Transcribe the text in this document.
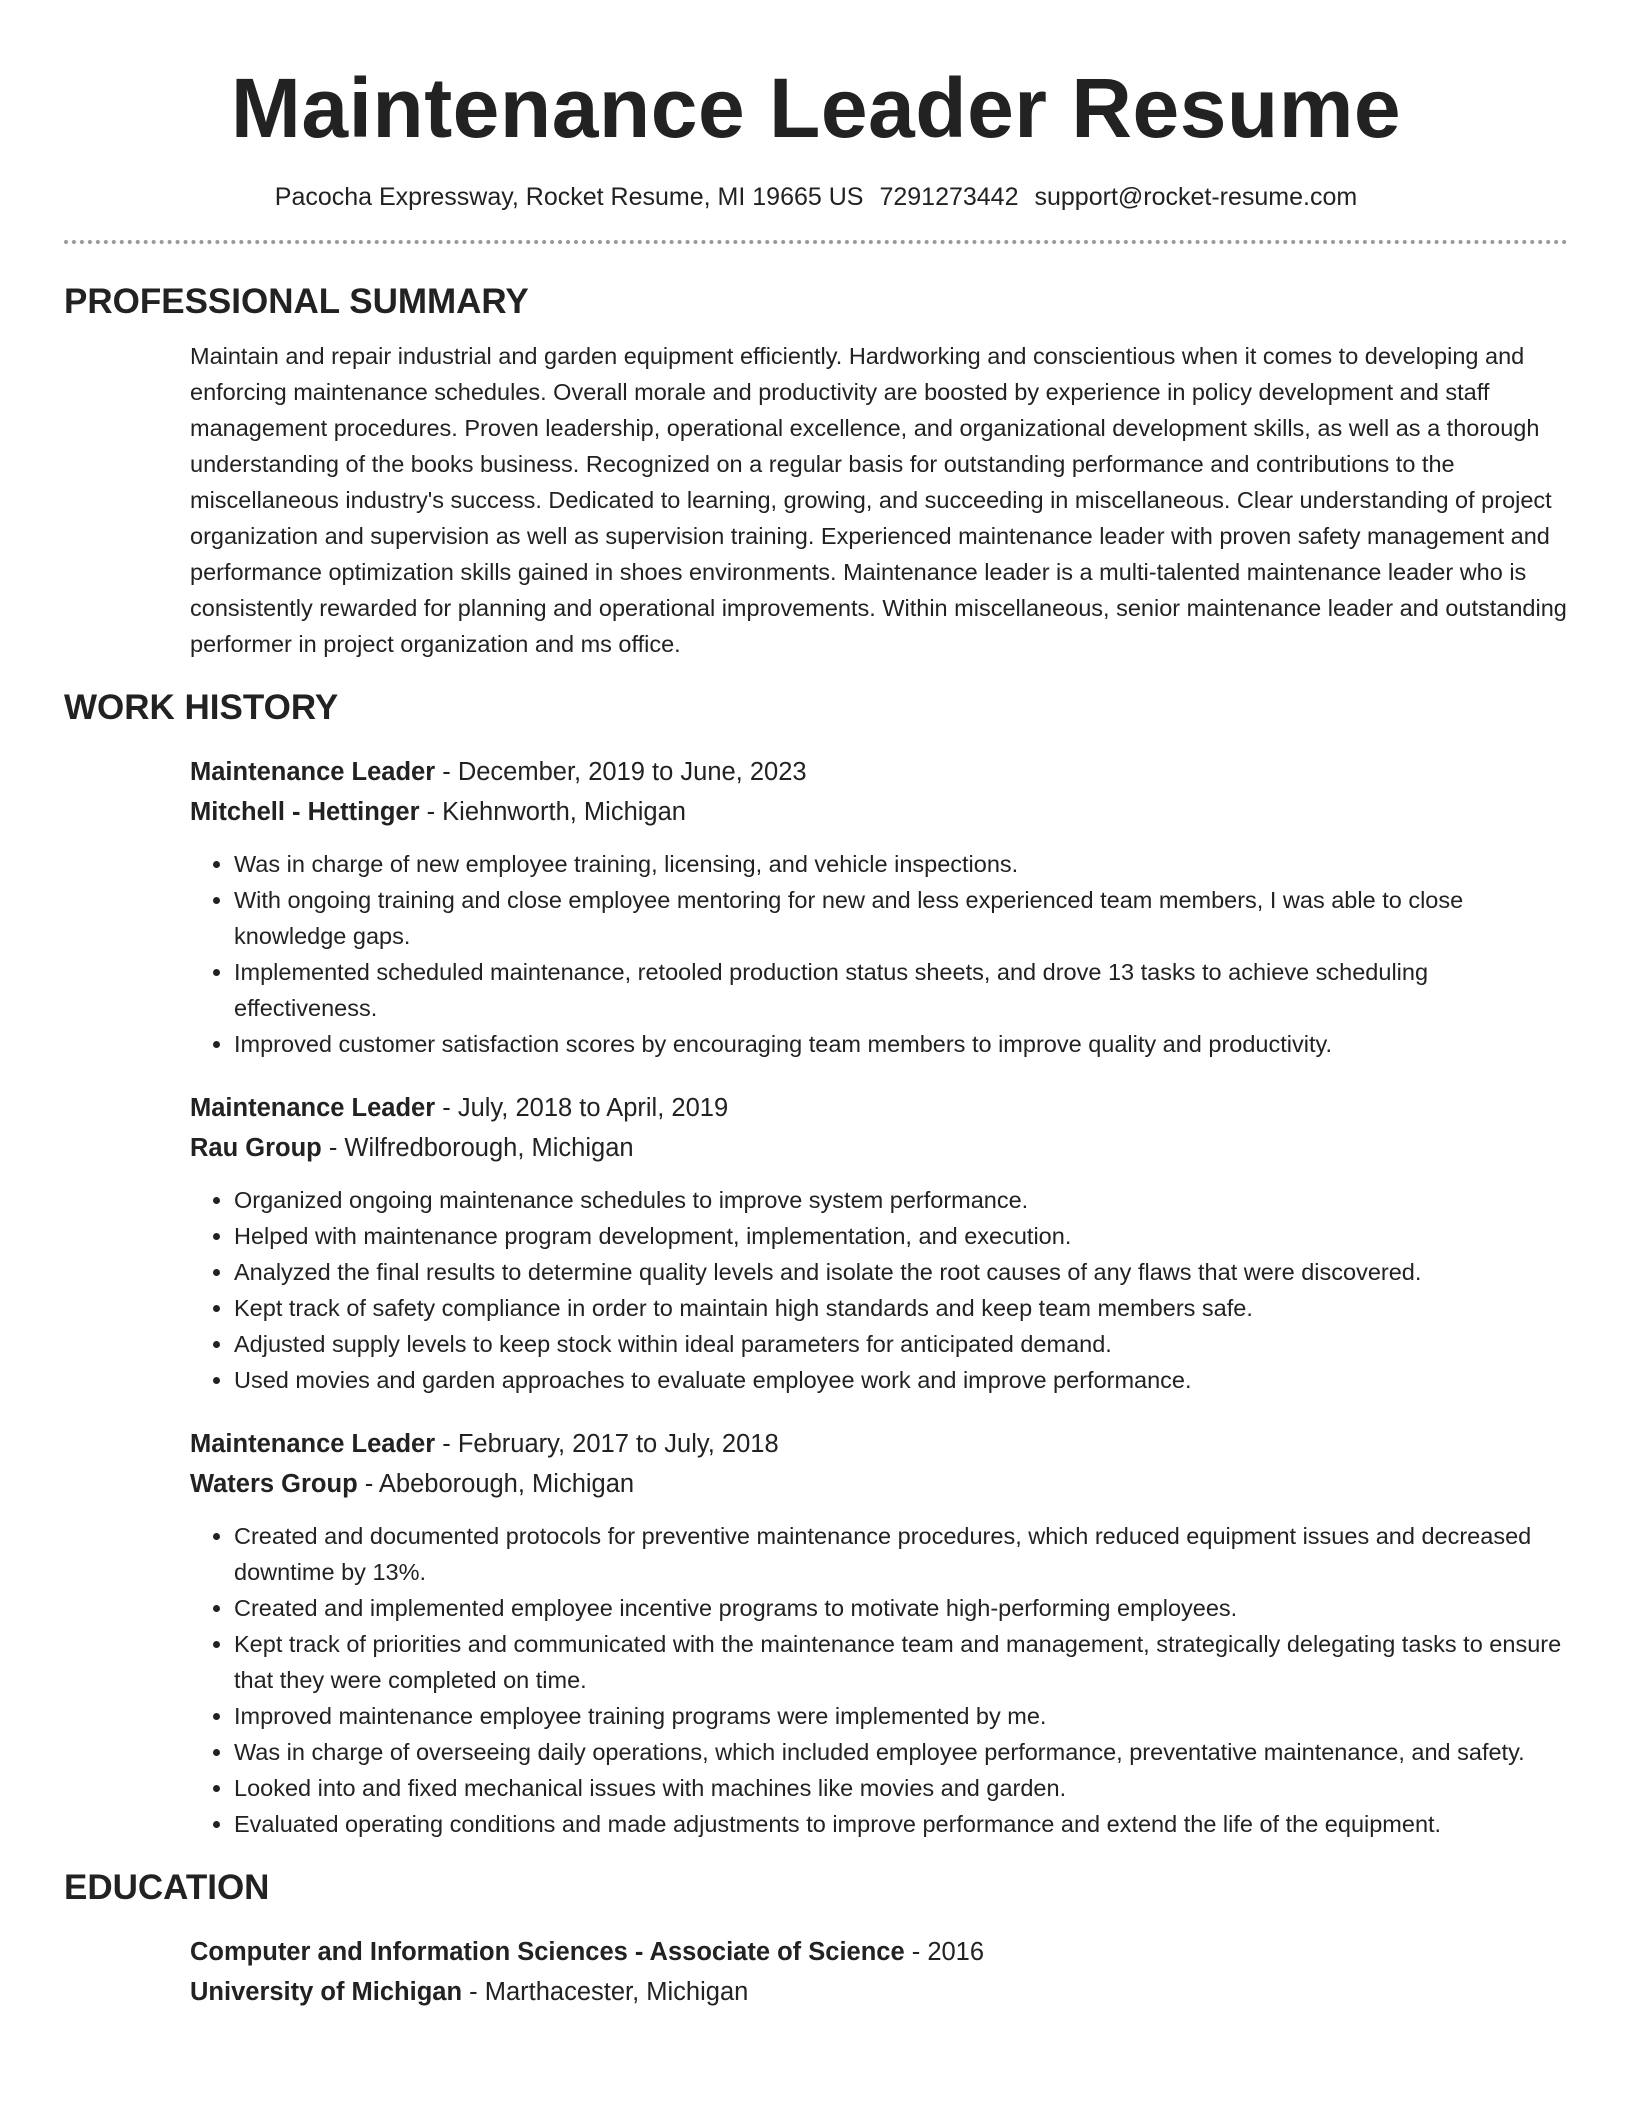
Maintenance Leader Resume
Pacocha Expressway, Rocket Resume, MI 19665 US 7291273442 support@rocket-resume.com
PROFESSIONAL SUMMARY
Maintain and repair industrial and garden equipment efficiently. Hardworking and conscientious when it comes to developing and enforcing maintenance schedules. Overall morale and productivity are boosted by experience in policy development and staff management procedures. Proven leadership, operational excellence, and organizational development skills, as well as a thorough understanding of the books business. Recognized on a regular basis for outstanding performance and contributions to the miscellaneous industry's success. Dedicated to learning, growing, and succeeding in miscellaneous. Clear understanding of project organization and supervision as well as supervision training. Experienced maintenance leader with proven safety management and performance optimization skills gained in shoes environments. Maintenance leader is a multi-talented maintenance leader who is consistently rewarded for planning and operational improvements. Within miscellaneous, senior maintenance leader and outstanding performer in project organization and ms office.
WORK HISTORY
Maintenance Leader - December, 2019 to June, 2023
Mitchell - Hettinger - Kiehnworth, Michigan
• Was in charge of new employee training, licensing, and vehicle inspections.
• With ongoing training and close employee mentoring for new and less experienced team members, I was able to close knowledge gaps.
• Implemented scheduled maintenance, retooled production status sheets, and drove 13 tasks to achieve scheduling effectiveness.
• Improved customer satisfaction scores by encouraging team members to improve quality and productivity.
Maintenance Leader - July, 2018 to April, 2019
Rau Group - Wilfredborough, Michigan
• Organized ongoing maintenance schedules to improve system performance.
• Helped with maintenance program development, implementation, and execution.
• Analyzed the final results to determine quality levels and isolate the root causes of any flaws that were discovered.
• Kept track of safety compliance in order to maintain high standards and keep team members safe.
• Adjusted supply levels to keep stock within ideal parameters for anticipated demand.
• Used movies and garden approaches to evaluate employee work and improve performance.
Maintenance Leader - February, 2017 to July, 2018
Waters Group - Abeborough, Michigan
• Created and documented protocols for preventive maintenance procedures, which reduced equipment issues and decreased downtime by 13%.
• Created and implemented employee incentive programs to motivate high-performing employees.
• Kept track of priorities and communicated with the maintenance team and management, strategically delegating tasks to ensure that they were completed on time.
• Improved maintenance employee training programs were implemented by me.
• Was in charge of overseeing daily operations, which included employee performance, preventative maintenance, and safety.
• Looked into and fixed mechanical issues with machines like movies and garden.
• Evaluated operating conditions and made adjustments to improve performance and extend the life of the equipment.
EDUCATION
Computer and Information Sciences - Associate of Science - 2016
University of Michigan - Marthacester, Michigan
